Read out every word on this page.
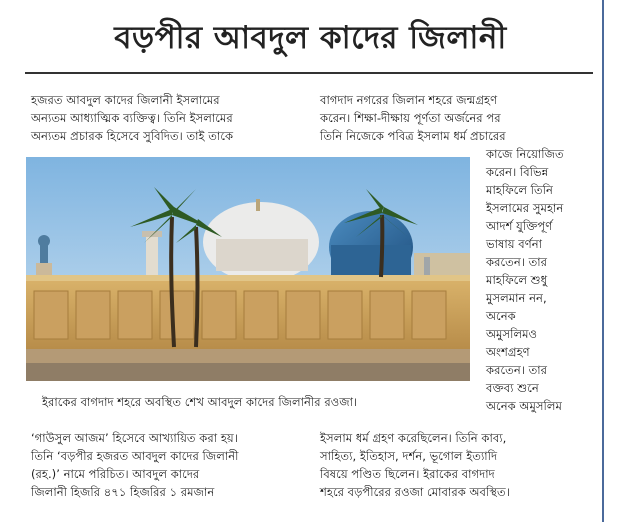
বড়পীর আবদুল কাদের জিলানী
হজরত আবদুল কাদের জিলানী ইসলামের
অন্যতম আধ্যাত্মিক ব্যক্তিত্ব। তিনি ইসলামের
অন্যতম প্রচারক হিসেবে সুবিদিত। তাই তাকে
বাগদাদ নগরের জিলান শহরে জন্মগ্রহণ
করেন। শিক্ষা-দীক্ষায় পূর্ণতা অর্জনের পর
তিনি নিজেকে পবিত্র ইসলাম ধর্ম প্রচারের
কাজে নিয়োজিত
করেন। বিভিন্ন
মাহফিলে তিনি
ইসলামের সুমহান
আদর্শ যুক্তিপূর্ণ
ভাষায় বর্ণনা
করতেন। তার
মাহফিলে শুধু
মুসলমান নন,
অনেক
অমুসলিমও
অংশগ্রহণ
করতেন। তার
বক্তব্য শুনে
অনেক অমুসলিম
ইরাকের বাগদাদ শহরে অবস্থিত শেখ আবদুল কাদের জিলানীর রওজা।
‘গাউসুল আজম’ হিসেবে আখ্যায়িত করা হয়।
তিনি ‘বড়পীর হজরত আবদুল কাদের জিলানী
(রহ.)’ নামে পরিচিত। আবদুল কাদের
জিলানী হিজরি ৪৭১ হিজরির ১ রমজান
ইসলাম ধর্ম গ্রহণ করেছিলেন। তিনি কাব্য,
সাহিত্য, ইতিহাস, দর্শন, ভূগোল ইত্যাদি
বিষয়ে পণ্ডিত ছিলেন। ইরাকের বাগদাদ
শহরে বড়পীরের রওজা মোবারক অবস্থিত।
